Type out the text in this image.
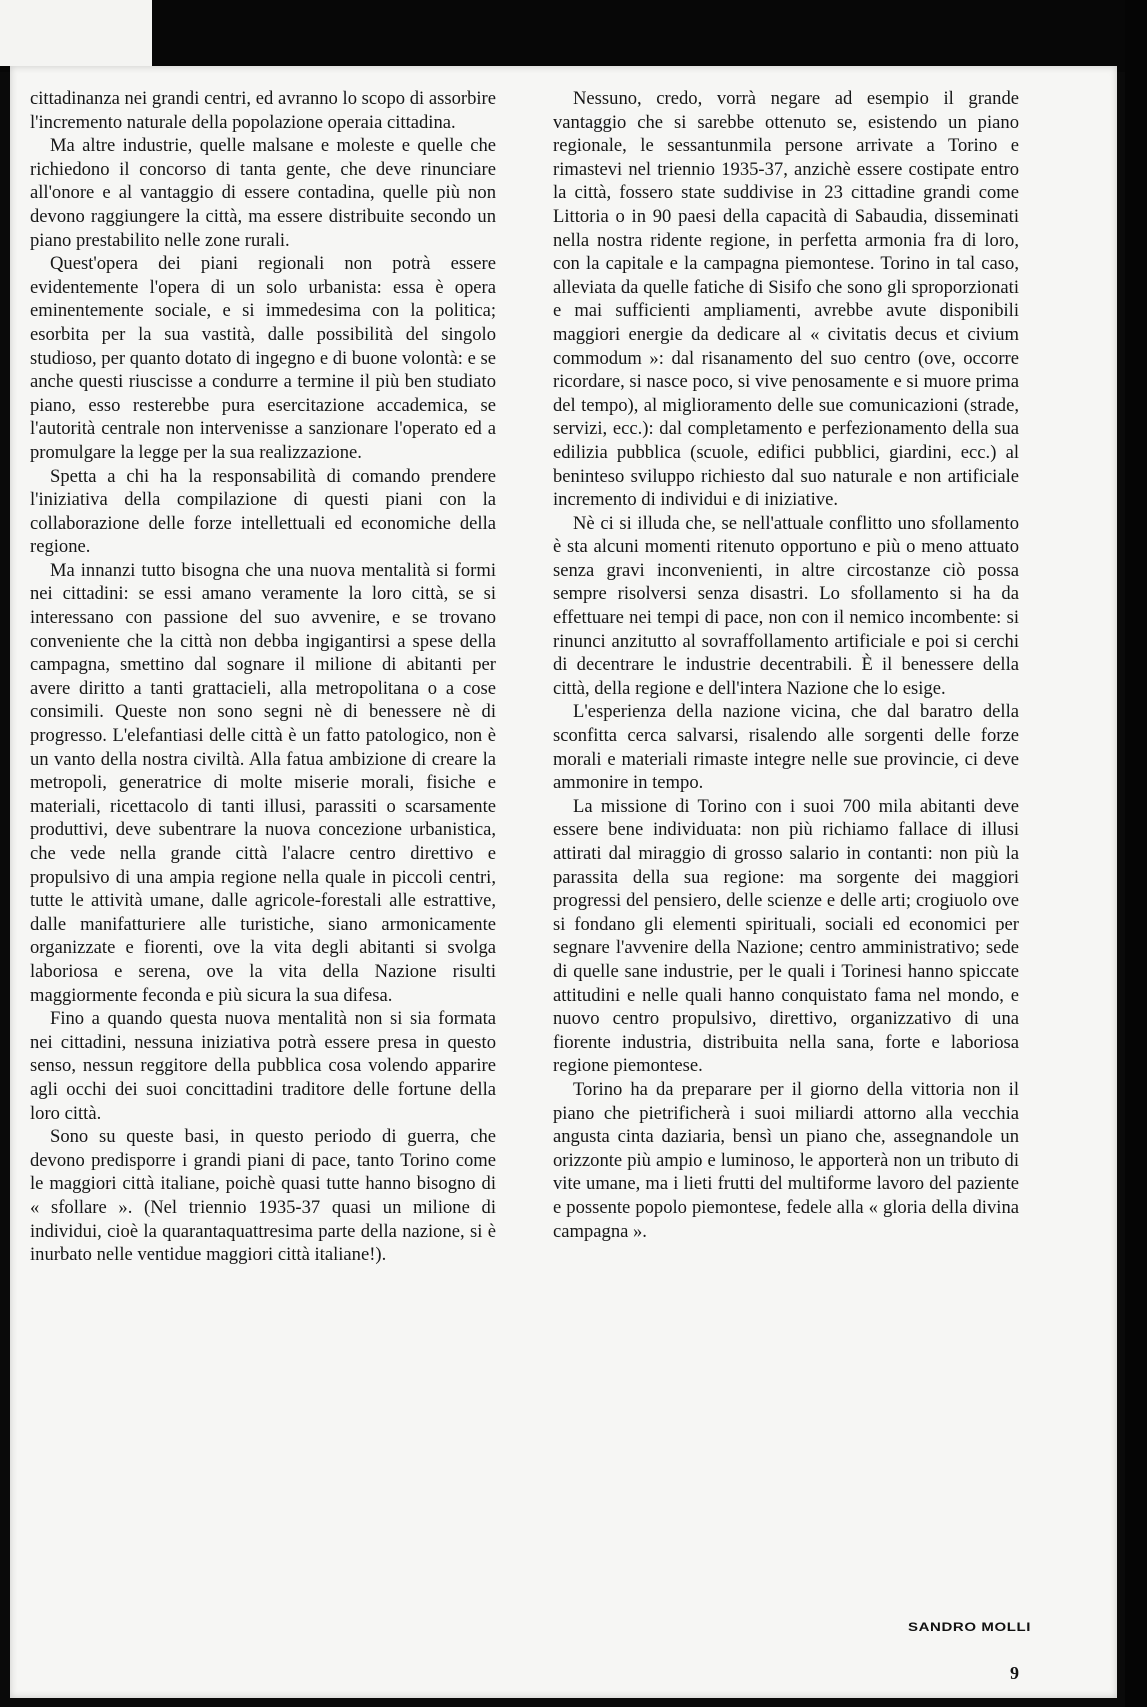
cittadinanza nei grandi centri, ed avranno lo scopo di assorbire l'incremento naturale della popolazione operaia cittadina.

Ma altre industrie, quelle malsane e moleste e quelle che richiedono il concorso di tanta gente, che deve rinunciare all'onore e al vantaggio di essere contadina, quelle più non devono raggiungere la città, ma essere distribuite secondo un piano prestabilito nelle zone rurali.

Quest'opera dei piani regionali non potrà essere evidentemente l'opera di un solo urbanista: essa è opera eminentemente sociale, e si immedesima con la politica; esorbita per la sua vastità, dalle possibilità del singolo studioso, per quanto dotato di ingegno e di buone volontà: e se anche questi riuscisse a condurre a termine il più ben studiato piano, esso resterebbe pura esercitazione accademica, se l'autorità centrale non intervenisse a sanzionare l'operato ed a promulgare la legge per la sua realizzazione.

Spetta a chi ha la responsabilità di comando prendere l'iniziativa della compilazione di questi piani con la collaborazione delle forze intellettuali ed economiche della regione.

Ma innanzi tutto bisogna che una nuova mentalità si formi nei cittadini: se essi amano veramente la loro città, se si interessano con passione del suo avvenire, e se trovano conveniente che la città non debba ingigantirsi a spese della campagna, smettino dal sognare il milione di abitanti per avere diritto a tanti grattacieli, alla metropolitana o a cose consimili. Queste non sono segni nè di benessere nè di progresso. L'elefantiasi delle città è un fatto patologico, non è un vanto della nostra civiltà. Alla fatua ambizione di creare la metropoli, generatrice di molte miserie morali, fisiche e materiali, ricettacolo di tanti illusi, parassiti o scarsamente produttivi, deve subentrare la nuova concezione urbanistica, che vede nella grande città l'alacre centro direttivo e propulsivo di una ampia regione nella quale in piccoli centri, tutte le attività umane, dalle agricole-forestali alle estrattive, dalle manifatturiere alle turistiche, siano armonicamente organizzate e fiorenti, ove la vita degli abitanti si svolga laboriosa e serena, ove la vita della Nazione risulti maggiormente feconda e più sicura la sua difesa.

Fino a quando questa nuova mentalità non si sia formata nei cittadini, nessuna iniziativa potrà essere presa in questo senso, nessun reggitore della pubblica cosa volendo apparire agli occhi dei suoi concittadini traditore delle fortune della loro città.

Sono su queste basi, in questo periodo di guerra, che devono predisporre i grandi piani di pace, tanto Torino come le maggiori città italiane, poichè quasi tutte hanno bisogno di « sfollare ». (Nel triennio 1935-37 quasi un milione di individui, cioè la quarantaquattresima parte della nazione, si è inurbato nelle ventidue maggiori città italiane!).

Nessuno, credo, vorrà negare ad esempio il grande vantaggio che si sarebbe ottenuto se, esistendo un piano regionale, le sessantunmila persone arrivate a Torino e rimastevi nel triennio 1935-37, anzichè essere costipate entro la città, fossero state suddivise in 23 cittadine grandi come Littoria o in 90 paesi della capacità di Sabaudia, disseminati nella nostra ridente regione, in perfetta armonia fra di loro, con la capitale e la campagna piemontese. Torino in tal caso, alleviata da quelle fatiche di Sisifo che sono gli sproporzionati e mai sufficienti ampliamenti, avrebbe avute disponibili maggiori energie da dedicare al « civitatis decus et civium commodum »: dal risanamento del suo centro (ove, occorre ricordare, si nasce poco, si vive penosamente e si muore prima del tempo), al miglioramento delle sue comunicazioni (strade, servizi, ecc.): dal completamento e perfezionamento della sua edilizia pubblica (scuole, edifici pubblici, giardini, ecc.) al beninteso sviluppo richiesto dal suo naturale e non artificiale incremento di individui e di iniziative.

Nè ci si illuda che, se nell'attuale conflitto uno sfollamento è sta alcuni momenti ritenuto opportuno e più o meno attuato senza gravi inconvenienti, in altre circostanze ciò possa sempre risolversi senza disastri. Lo sfollamento si ha da effettuare nei tempi di pace, non con il nemico incombente: si rinunci anzitutto al sovraffollamento artificiale e poi si cerchi di decentrare le industrie decentrabili. È il benessere della città, della regione e dell'intera Nazione che lo esige.

L'esperienza della nazione vicina, che dal baratro della sconfitta cerca salvarsi, risalendo alle sorgenti delle forze morali e materiali rimaste integre nelle sue provincie, ci deve ammonire in tempo.

La missione di Torino con i suoi 700 mila abitanti deve essere bene individuata: non più richiamo fallace di illusi attirati dal miraggio di grosso salario in contanti: non più la parassita della sua regione: ma sorgente dei maggiori progressi del pensiero, delle scienze e delle arti; crogiuolo ove si fondano gli elementi spirituali, sociali ed economici per segnare l'avvenire della Nazione; centro amministrativo; sede di quelle sane industrie, per le quali i Torinesi hanno spiccate attitudini e nelle quali hanno conquistato fama nel mondo, e nuovo centro propulsivo, direttivo, organizzativo di una fiorente industria, distribuita nella sana, forte e laboriosa regione piemontese.

Torino ha da preparare per il giorno della vittoria non il piano che pietrificherà i suoi miliardi attorno alla vecchia angusta cinta daziaria, bensì un piano che, assegnandole un orizzonte più ampio e luminoso, le apporterà non un tributo di vite umane, ma i lieti frutti del multiforme lavoro del paziente e possente popolo piemontese, fedele alla « gloria della divina campagna ».

SANDRO MOLLI
9
